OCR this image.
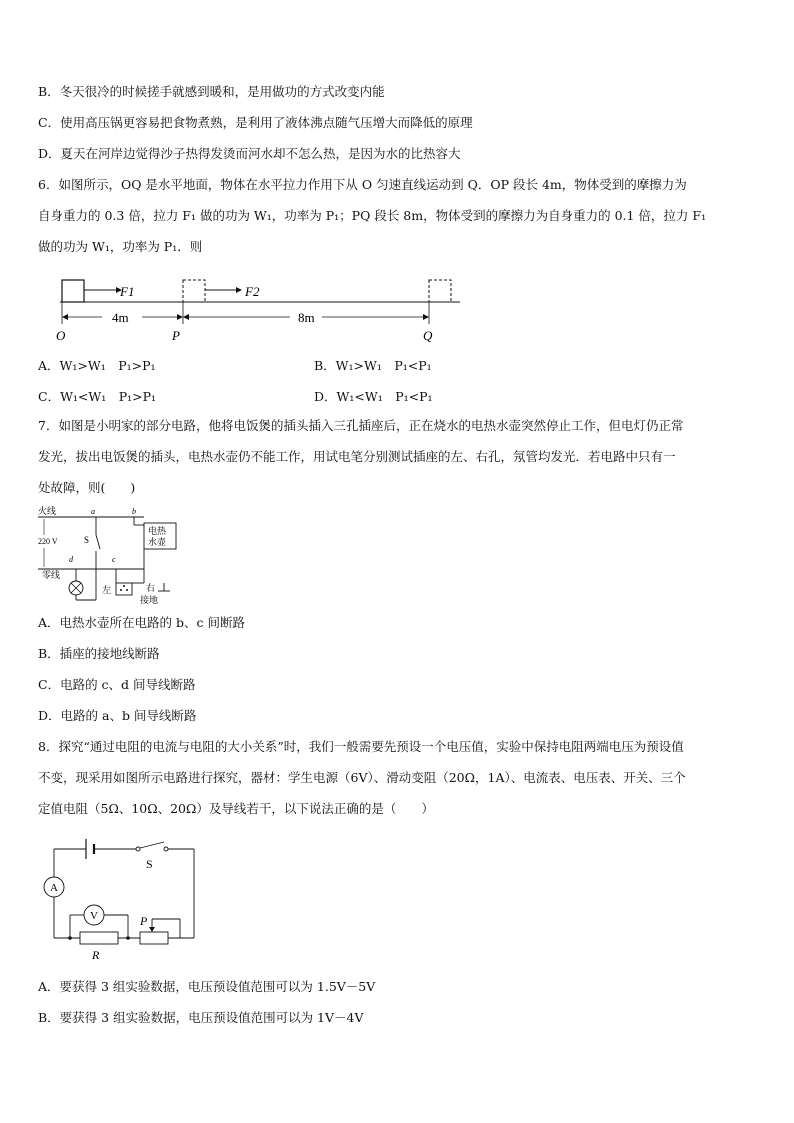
B．冬天很冷的时候搓手就感到暖和，是用做功的方式改变内能
C．使用高压锅更容易把食物煮熟，是利用了液体沸点随气压增大而降低的原理
D．夏天在河岸边觉得沙子热得发烫而河水却不怎么热，是因为水的比热容大
6．如图所示，OQ 是水平地面，物体在水平拉力作用下从 O 匀速直线运动到 Q．OP 段长 4m，物体受到的摩擦力为
自身重力的 0.3 倍，拉力 F₁ 做的功为 W₁，功率为 P₁；PQ 段长 8m，物体受到的摩擦力为自身重力的 0.1 倍，拉力 F₁
做的功为 W₁，功率为 P₁．则
F1	F2
4m	8m
O	P	Q
A．W₁>W₁　P₁>P₁	B．W₁>W₁　P₁<P₁
C．W₁<W₁　P₁>P₁	D．W₁<W₁　P₁<P₁
7．如图是小明家的部分电路，他将电饭煲的插头插入三孔插座后，正在烧水的电热水壶突然停止工作，但电灯仍正常
发光，拔出电饭煲的插头，电热水壶仍不能工作，用试电笔分别测试插座的左、右孔，氖管均发光．若电路中只有一
处故障，则(　　)
火线	a	b
220 V
零线
S
d
电热
水壶
c
左	右
接地
A．电热水壶所在电路的 b、c 间断路
B．插座的接地线断路
C．电路的 c、d 间导线断路
D．电路的 a、b 间导线断路
8．探究“通过电阻的电流与电阻的大小关系”时，我们一般需要先预设一个电压值，实验中保持电阻两端电压为预设值
不变，现采用如图所示电路进行探究，器材：学生电源（6V）、滑动变阻（20Ω，1A）、电流表、电压表、开关、三个
定值电阻（5Ω、10Ω、20Ω）及导线若干，以下说法正确的是（　　）
S
A
R
P
V
A．要获得 3 组实验数据，电压预设值范围可以为 1.5V－5V
B．要获得 3 组实验数据，电压预设值范围可以为 1V－4V
